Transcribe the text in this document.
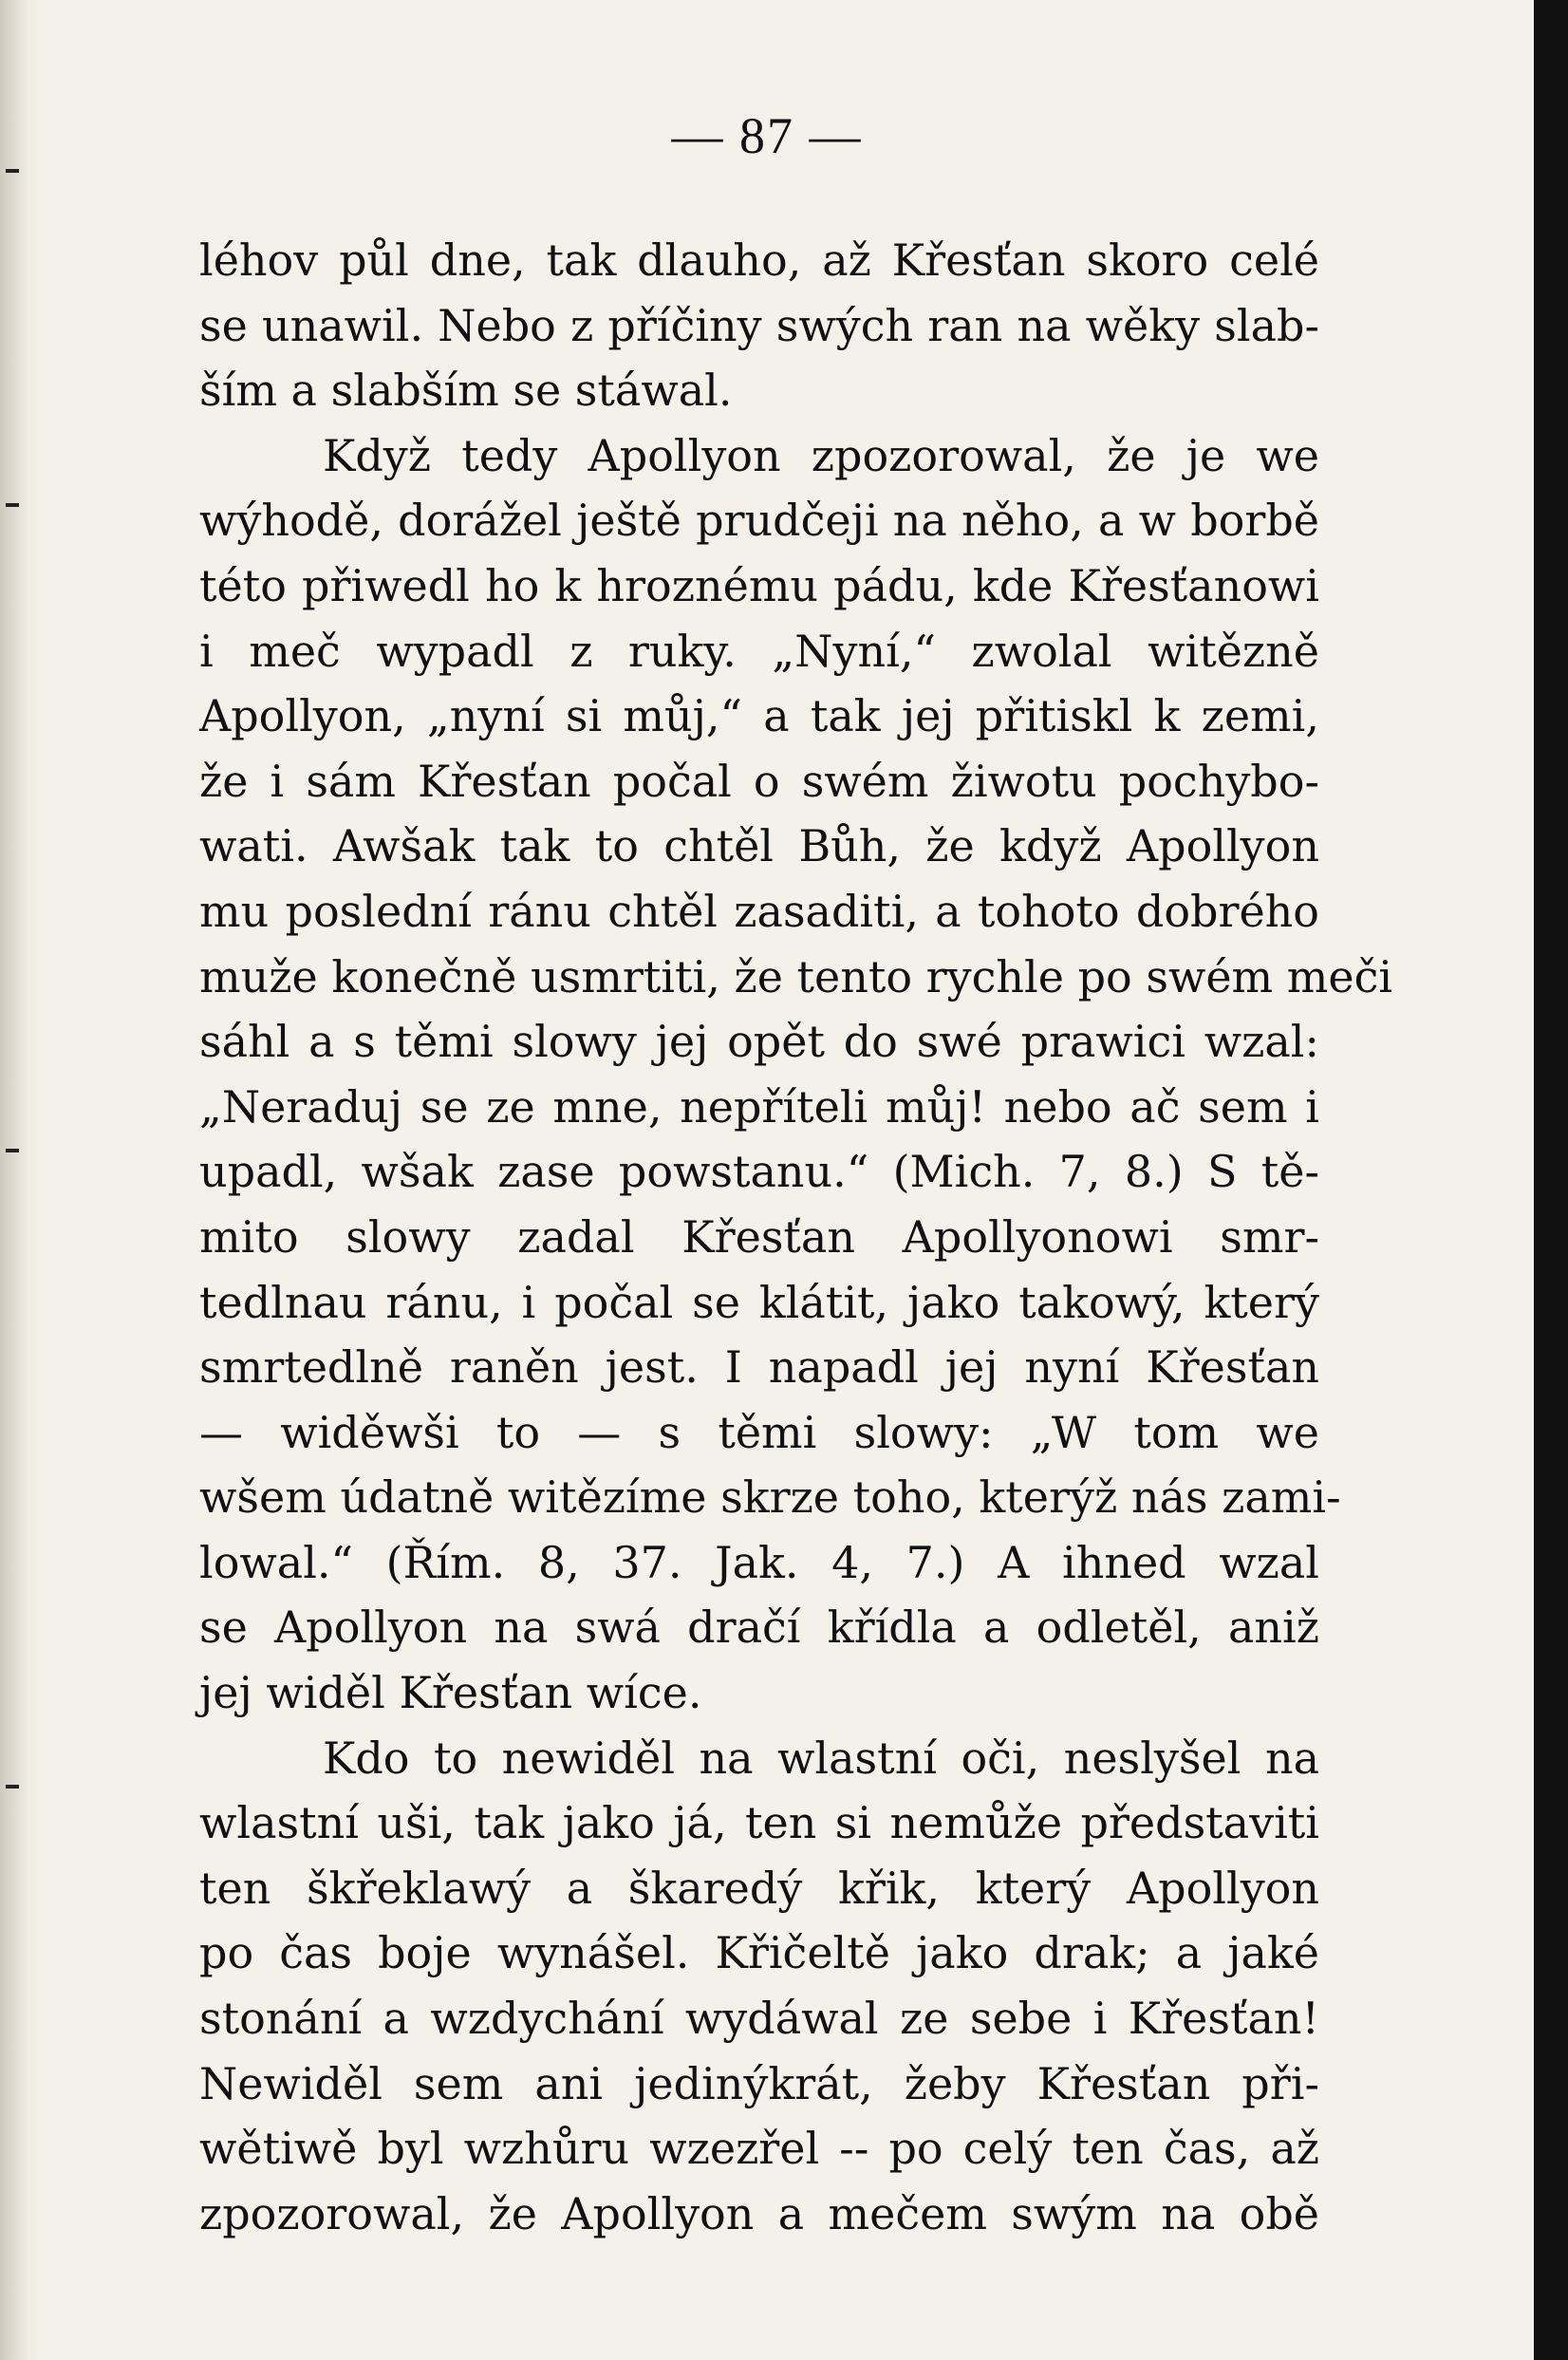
— 87 —
léhov půl dne, tak dlauho, až Křesťan skoro celé
se unawil. Nebo z příčiny swých ran na wěky slab-
ším a slabším se stáwal.
Když tedy Apollyon zpozorowal, že je we
wýhodě, dorážel ještě prudčeji na něho, a w borbě
této přiwedl ho k hroznému pádu, kde Křesťanowi
i meč wypadl z ruky. „Nyní,“ zwolal witězně
Apollyon, „nyní si můj,“ a tak jej přitiskl k zemi,
že i sám Křesťan počal o swém žiwotu pochybo-
wati. Awšak tak to chtěl Bůh, že když Apollyon
mu poslední ránu chtěl zasaditi, a tohoto dobrého
muže konečně usmrtiti, že tento rychle po swém meči
sáhl a s těmi slowy jej opět do swé prawici wzal:
„Neraduj se ze mne, nepříteli můj! nebo ač sem i
upadl, wšak zase powstanu.“ (Mich. 7, 8.) S tě-
mito slowy zadal Křesťan Apollyonowi smr-
tedlnau ránu, i počal se klátit, jako takowý, který
smrtedlně raněn jest. I napadl jej nyní Křesťan
— widěwši to — s těmi slowy: „W tom we
wšem údatně witězíme skrze toho, kterýž nás zami-
lowal.“ (Řím. 8, 37. Jak. 4, 7.) A ihned wzal
se Apollyon na swá dračí křídla a odletěl, aniž
jej widěl Křesťan wíce.
Kdo to newiděl na wlastní oči, neslyšel na
wlastní uši, tak jako já, ten si nemůže představiti
ten škřeklawý a škaredý křik, který Apollyon
po čas boje wynášel. Křičeltě jako drak; a jaké
stonání a wzdychání wydáwal ze sebe i Křesťan!
Newiděl sem ani jedinýkrát, žeby Křesťan při-
wětiwě byl wzhůru wzezřel -- po celý ten čas, až
zpozorowal, že Apollyon a mečem swým na obě
